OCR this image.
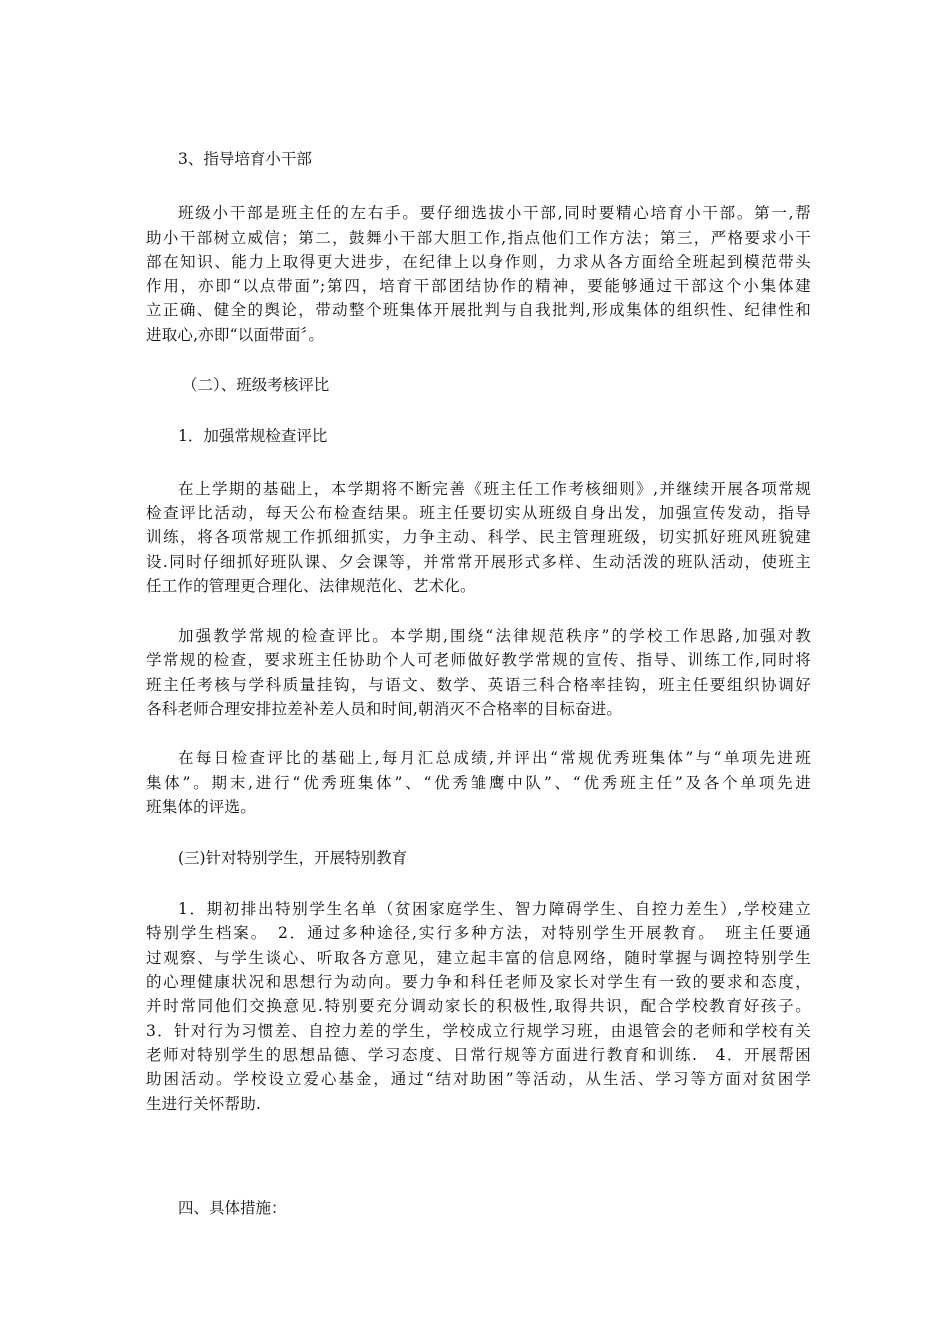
3、指导培育小干部
班级小干部是班主任的左右手。要仔细选拔小干部,同时要精心培育小干部。第一,帮
助小干部树立威信；第二，鼓舞小干部大胆工作,指点他们工作方法；第三，严格要求小干
部在知识、能力上取得更大进步，在纪律上以身作则，力求从各方面给全班起到模范带头
作用，亦即“以点带面”;第四，培育干部团结协作的精神，要能够通过干部这个小集体建
立正确、健全的舆论，带动整个班集体开展批判与自我批判,形成集体的组织性、纪律性和
进取心,亦即“以面带面〞。
（二）、班级考核评比
1．加强常规检查评比
在上学期的基础上，本学期将不断完善《班主任工作考核细则》,并继续开展各项常规
检查评比活动，每天公布检查结果。班主任要切实从班级自身出发，加强宣传发动，指导
训练，将各项常规工作抓细抓实，力争主动、科学、民主管理班级，切实抓好班风班貌建
设.同时仔细抓好班队课、夕会课等，并常常开展形式多样、生动活泼的班队活动，使班主
任工作的管理更合理化、法律规范化、艺术化。
加强教学常规的检查评比。本学期,围绕“法律规范秩序”的学校工作思路,加强对教
学常规的检查，要求班主任协助个人可老师做好教学常规的宣传、指导、训练工作,同时将
班主任考核与学科质量挂钩，与语文、数学、英语三科合格率挂钩，班主任要组织协调好
各科老师合理安排拉差补差人员和时间,朝消灭不合格率的目标奋进。
在每日检查评比的基础上,每月汇总成绩,并评出“常规优秀班集体”与“单项先进班
集体”。期末,进行“优秀班集体”、“优秀雏鹰中队”、“优秀班主任”及各个单项先进
班集体的评选。
(三)针对特别学生，开展特别教育
1．期初排出特别学生名单（贫困家庭学生、智力障碍学生、自控力差生）,学校建立
特别学生档案。　2．通过多种途径,实行多种方法，对特别学生开展教育。　班主任要通
过观察、与学生谈心、听取各方意见，建立起丰富的信息网络，随时掌握与调控特别学生
的心理健康状况和思想行为动向。要力争和科任老师及家长对学生有一致的要求和态度，
并时常同他们交换意见.特别要充分调动家长的积极性,取得共识，配合学校教育好孩子。
3．针对行为习惯差、自控力差的学生，学校成立行规学习班，由退管会的老师和学校有关
老师对特别学生的思想品德、学习态度、日常行规等方面进行教育和训练.　4．开展帮困
助困活动。学校设立爱心基金，通过“结对助困”等活动，从生活、学习等方面对贫困学
生进行关怀帮助.
四、具体措施：
